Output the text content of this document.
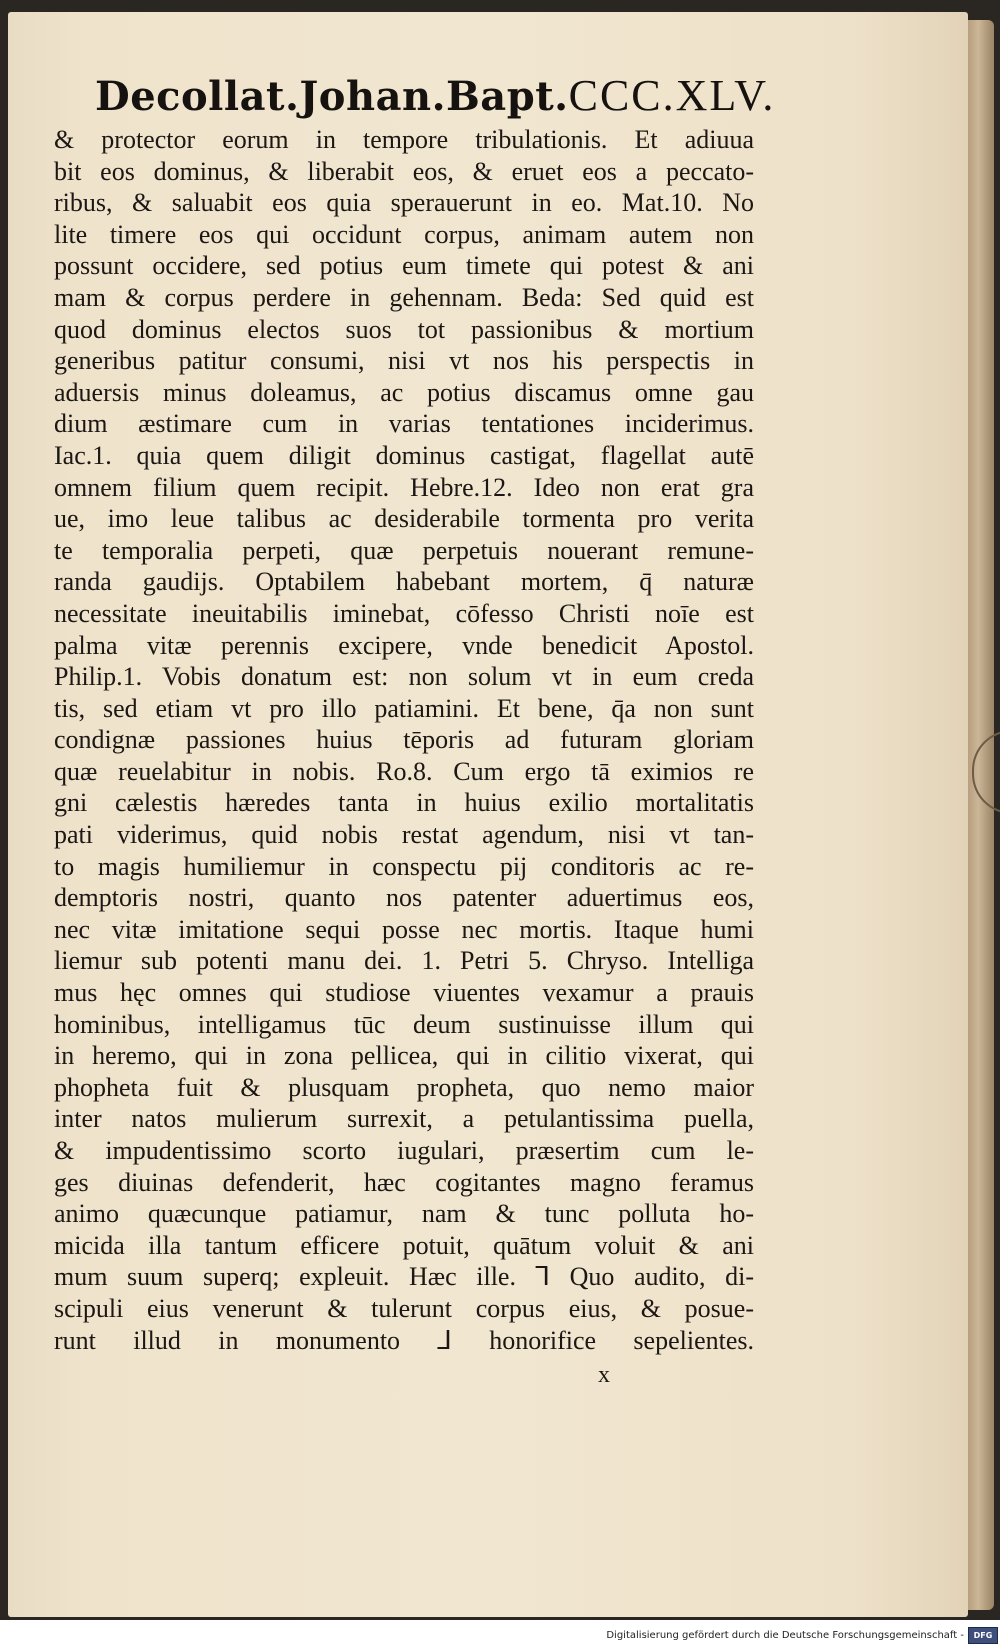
Decollat.Johan.Bapt. CCC.XLV.
& protector eorum in tempore tribulationis. Et adiuua
bit eos dominus, & liberabit eos, & eruet eos a peccato-
ribus, & saluabit eos quia sperauerunt in eo. Mat.10. No
lite timere eos qui occidunt corpus, animam autem non
possunt occidere, sed potius eum timete qui potest & ani
mam & corpus perdere in gehennam. Beda: Sed quid est
quod dominus electos suos tot passionibus & mortium
generibus patitur consumi, nisi vt nos his perspectis in
aduersis minus doleamus, ac potius discamus omne gau
dium æstimare cum in varias tentationes inciderimus.
Iac.1. quia quem diligit dominus castigat, flagellat autē
omnem filium quem recipit. Hebre.12. Ideo non erat gra
ue, imo leue talibus ac desiderabile tormenta pro verita
te temporalia perpeti, quæ perpetuis nouerant remune-
randa gaudijs. Optabilem habebant mortem, q̄ naturæ
necessitate ineuitabilis iminebat, cōfesso Christi noīe est
palma vitæ perennis excipere, vnde benedicit Apostol.
Philip.1. Vobis donatum est: non solum vt in eum creda
tis, sed etiam vt pro illo patiamini. Et bene, q̄a non sunt
condignæ passiones huius tēporis ad futuram gloriam
quæ reuelabitur in nobis. Ro.8. Cum ergo tā eximios re
gni cælestis hæredes tanta in huius exilio mortalitatis
pati viderimus, quid nobis restat agendum, nisi vt tan-
to magis humiliemur in conspectu pij conditoris ac re-
demptoris nostri, quanto nos patenter aduertimus eos,
nec vitæ imitatione sequi posse nec mortis. Itaque humi
liemur sub potenti manu dei. 1. Petri 5. Chryso. Intelliga
mus hęc omnes qui studiose viuentes vexamur a prauis
hominibus, intelligamus tūc deum sustinuisse illum qui
in heremo, qui in zona pellicea, qui in cilitio vixerat, qui
phopheta fuit & plusquam propheta, quo nemo maior
inter natos mulierum surrexit, a petulantissima puella,
& impudentissimo scorto iugulari, præsertim cum le-
ges diuinas defenderit, hæc cogitantes magno feramus
animo quæcunque patiamur, nam & tunc polluta ho-
micida illa tantum efficere potuit, quātum voluit & ani
mum suum superq; expleuit. Hæc ille. ⅂ Quo audito, di-
scipuli eius venerunt & tulerunt corpus eius, & posue-
runt illud in monumento ⅃ honorifice sepelientes.
x
Digitalisierung gefördert durch die Deutsche Forschungsgemeinschaft -	DFG
